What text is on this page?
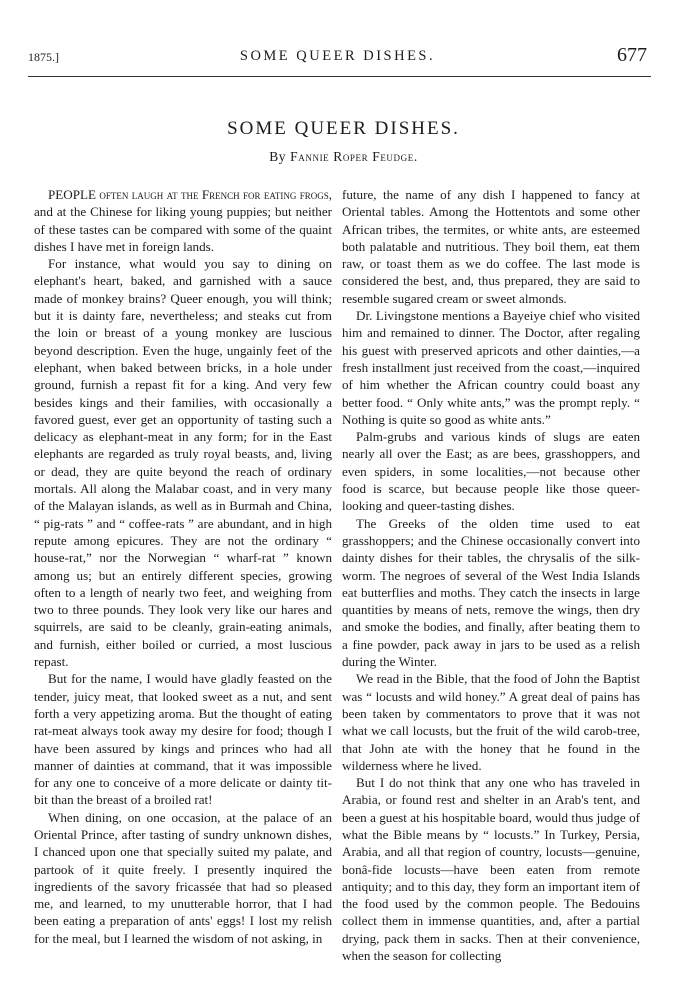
1875.]	SOME QUEER DISHES.	677
SOME QUEER DISHES.
By Fannie Roper Feudge.

PEOPLE often laugh at the French for eating frogs, and at the Chinese for liking young puppies; but neither of these tastes can be compared with some of the quaint dishes I have met in foreign lands.

For instance, what would you say to dining on elephant's heart, baked, and garnished with a sauce made of monkey brains? Queer enough, you will think; but it is dainty fare, nevertheless; and steaks cut from the loin or breast of a young monkey are luscious beyond description. Even the huge, ungainly feet of the elephant, when baked between bricks, in a hole under ground, furnish a repast fit for a king. And very few besides kings and their families, with occasionally a favored guest, ever get an opportunity of tasting such a delicacy as elephant-meat in any form; for in the East elephants are regarded as truly royal beasts, and, living or dead, they are quite beyond the reach of ordinary mortals. All along the Malabar coast, and in very many of the Malayan islands, as well as in Burmah and China, “ pig-rats ” and “ coffee-rats ” are abundant, and in high repute among epicures. They are not the ordinary “ house-rat,” nor the Norwegian “ wharf-rat ” known among us; but an entirely different species, growing often to a length of nearly two feet, and weighing from two to three pounds. They look very like our hares and squirrels, are said to be cleanly, grain-eating animals, and furnish, either boiled or curried, a most luscious repast.

But for the name, I would have gladly feasted on the tender, juicy meat, that looked sweet as a nut, and sent forth a very appetizing aroma. But the thought of eating rat-meat always took away my desire for food; though I have been assured by kings and princes who had all manner of dainties at command, that it was impossible for any one to conceive of a more delicate or dainty tit-bit than the breast of a broiled rat!

When dining, on one occasion, at the palace of an Oriental Prince, after tasting of sundry unknown dishes, I chanced upon one that specially suited my palate, and partook of it quite freely. I presently inquired the ingredients of the savory fricassée that had so pleased me, and learned, to my unutterable horror, that I had been eating a preparation of ants' eggs! I lost my relish for the meal, but I learned the wisdom of not asking, in

future, the name of any dish I happened to fancy at Oriental tables. Among the Hottentots and some other African tribes, the termites, or white ants, are esteemed both palatable and nutritious. They boil them, eat them raw, or toast them as we do coffee. The last mode is considered the best, and, thus prepared, they are said to resemble sugared cream or sweet almonds.

Dr. Livingstone mentions a Bayeiye chief who visited him and remained to dinner. The Doctor, after regaling his guest with preserved apricots and other dainties,—a fresh installment just received from the coast,—inquired of him whether the African country could boast any better food. “ Only white ants,” was the prompt reply. “ Nothing is quite so good as white ants.”

Palm-grubs and various kinds of slugs are eaten nearly all over the East; as are bees, grasshoppers, and even spiders, in some localities,—not because other food is scarce, but because people like those queer-looking and queer-tasting dishes.

The Greeks of the olden time used to eat grasshoppers; and the Chinese occasionally convert into dainty dishes for their tables, the chrysalis of the silk-worm. The negroes of several of the West India Islands eat butterflies and moths. They catch the insects in large quantities by means of nets, remove the wings, then dry and smoke the bodies, and finally, after beating them to a fine powder, pack away in jars to be used as a relish during the Winter.

We read in the Bible, that the food of John the Baptist was “ locusts and wild honey.” A great deal of pains has been taken by commentators to prove that it was not what we call locusts, but the fruit of the wild carob-tree, that John ate with the honey that he found in the wilderness where he lived.

But I do not think that any one who has traveled in Arabia, or found rest and shelter in an Arab's tent, and been a guest at his hospitable board, would thus judge of what the Bible means by “ locusts.” In Turkey, Persia, Arabia, and all that region of country, locusts—genuine, bonâ-fide locusts—have been eaten from remote antiquity; and to this day, they form an important item of the food used by the common people. The Bedouins collect them in immense quantities, and, after a partial drying, pack them in sacks. Then at their convenience, when the season for collecting
